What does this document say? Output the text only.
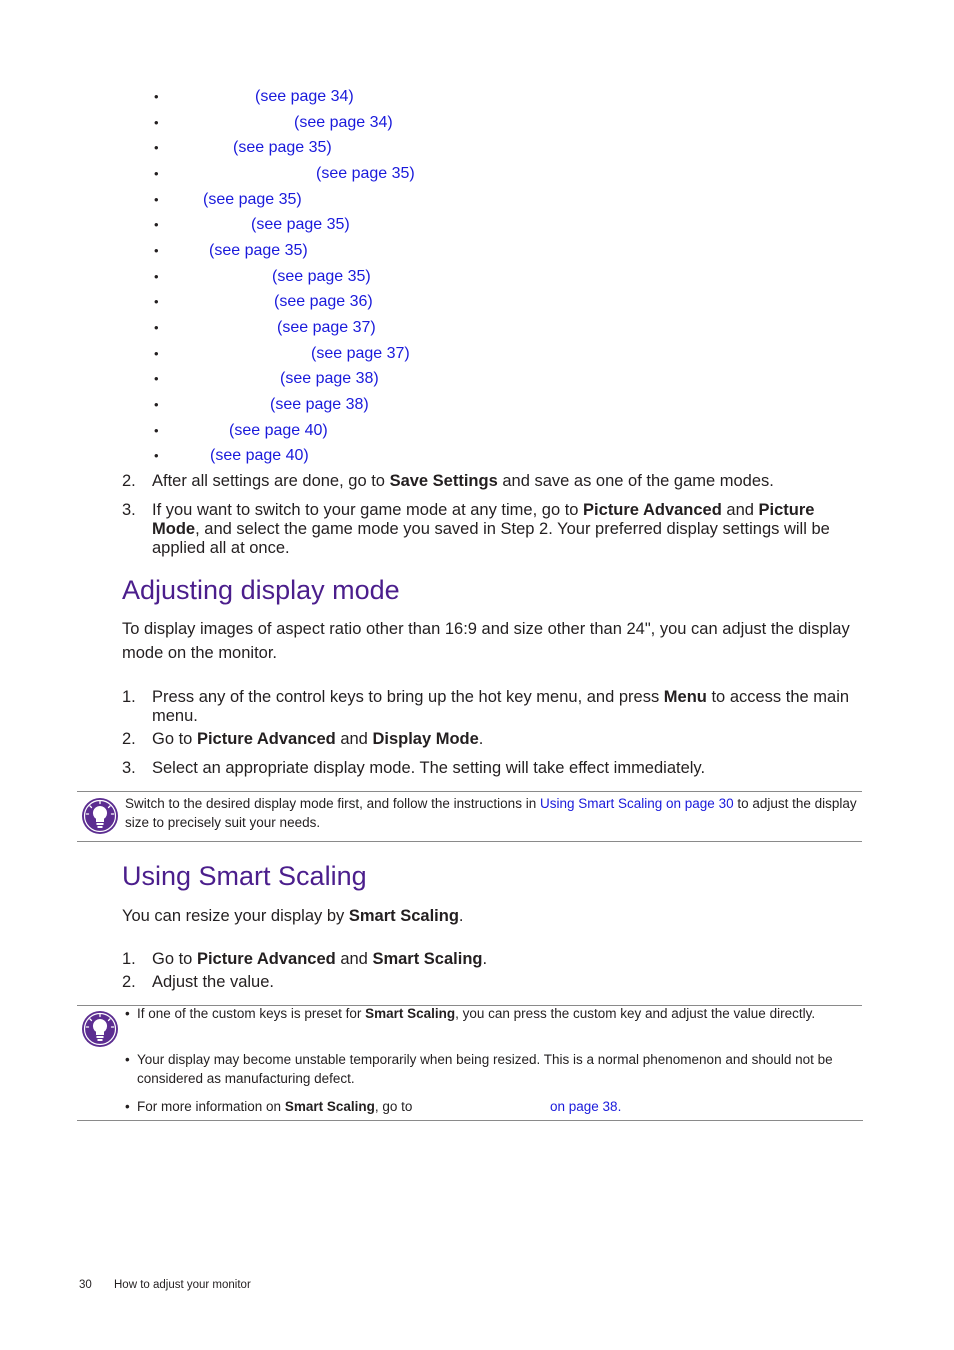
•	(see page 34)
•	(see page 34)
•	(see page 35)
•	(see page 35)
•	(see page 35)
•	(see page 35)
•	(see page 35)
•	(see page 35)
•	(see page 36)
•	(see page 37)
•	(see page 37)
•	(see page 38)
•	(see page 38)
•	(see page 40)
•	(see page 40)
2. After all settings are done, go to Save Settings and save as one of the game modes.
3. If you want to switch to your game mode at any time, go to Picture Advanced and Picture Mode, and select the game mode you saved in Step 2. Your preferred display settings will be applied all at once.
Adjusting display mode
To display images of aspect ratio other than 16:9 and size other than 24", you can adjust the display mode on the monitor.
1. Press any of the control keys to bring up the hot key menu, and press Menu to access the main menu.
2. Go to Picture Advanced and Display Mode.
3. Select an appropriate display mode. The setting will take effect immediately.
Switch to the desired display mode first, and follow the instructions in Using Smart Scaling on page 30 to adjust the display size to precisely suit your needs.
Using Smart Scaling
You can resize your display by Smart Scaling.
1. Go to Picture Advanced and Smart Scaling.
2. Adjust the value.
• If one of the custom keys is preset for Smart Scaling, you can press the custom key and adjust the value directly.
• Your display may become unstable temporarily when being resized. This is a normal phenomenon and should not be considered as manufacturing defect.
• For more information on Smart Scaling, go to	on page 38.
30 How to adjust your monitor
